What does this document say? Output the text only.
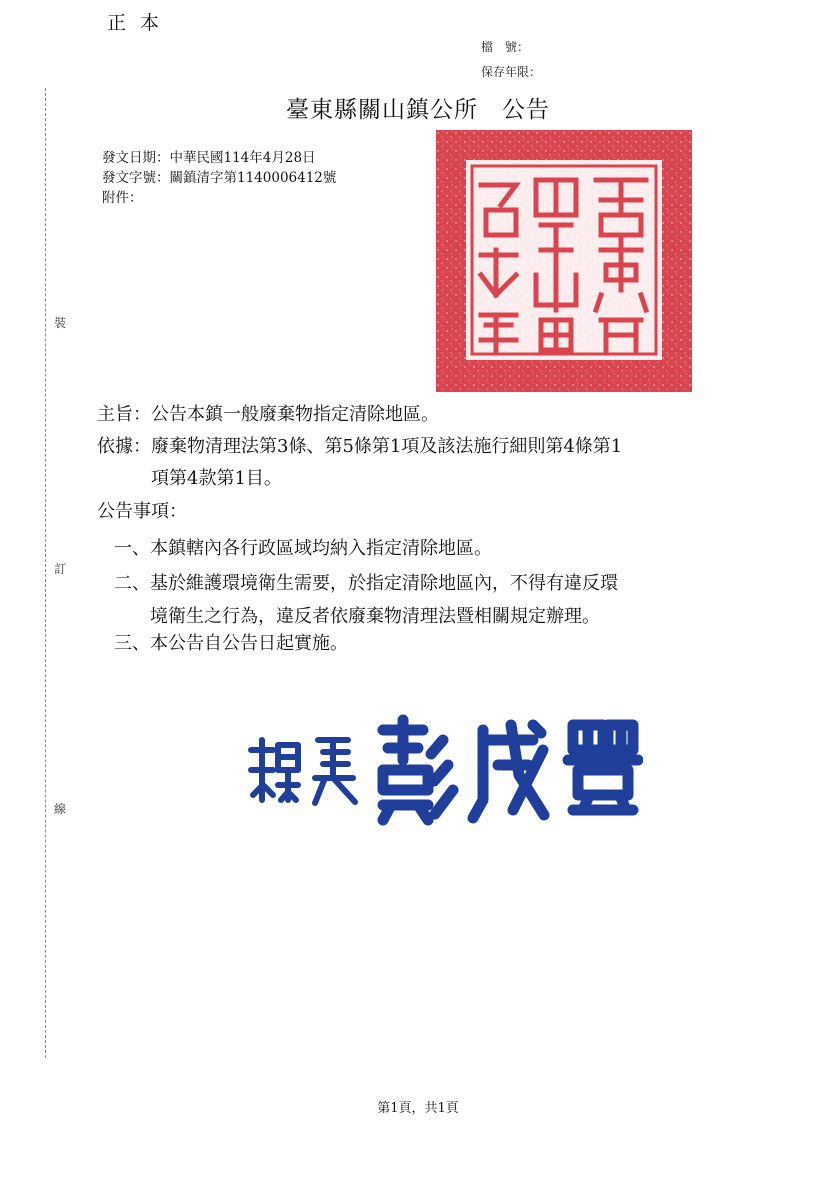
正本
檔　號：
保存年限：
裝
訂
線
臺東縣關山鎮公所　公告
發文日期：中華民國114年4月28日
發文字號：關鎮清字第1140006412號
附件：
主旨：公告本鎮一般廢棄物指定清除地區。
依據：廢棄物清理法第3條、第5條第1項及該法施行細則第4條第1
項第4款第1目。
公告事項：
一、本鎮轄內各行政區域均納入指定清除地區。
二、基於維護環境衛生需要，於指定清除地區內，不得有違反環
境衛生之行為，違反者依廢棄物清理法暨相關規定辦理。
三、本公告自公告日起實施。
第1頁，共1頁
